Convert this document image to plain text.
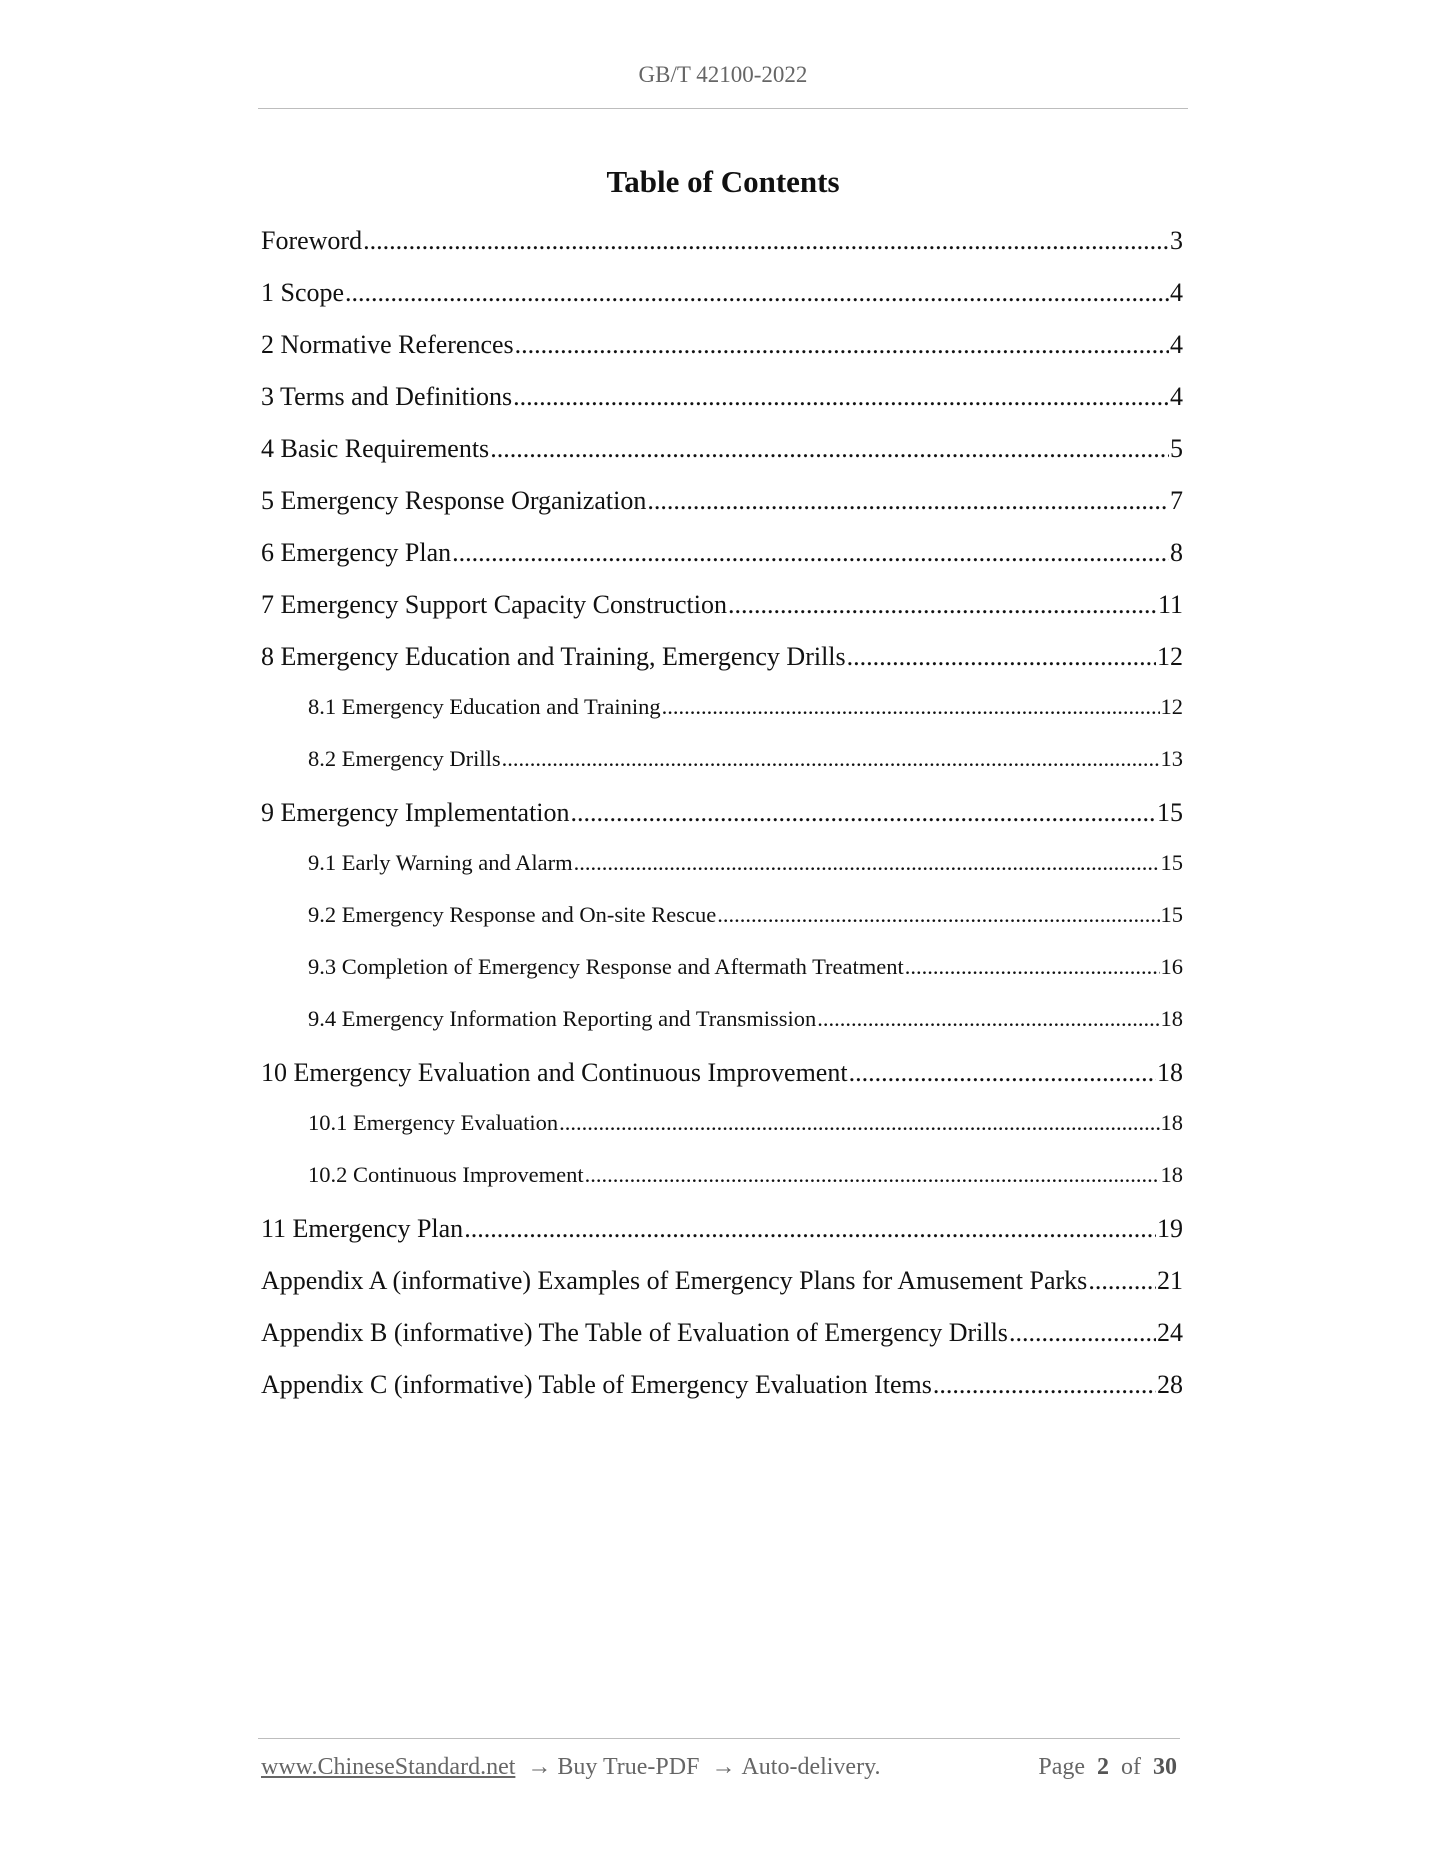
GB/T 42100-2022
Table of Contents
Foreword .....	3
1 Scope .....	4
2 Normative References .....	4
3 Terms and Definitions .....	4
4 Basic Requirements .....	5
5 Emergency Response Organization .....	7
6 Emergency Plan .....	8
7 Emergency Support Capacity Construction .....	11
8 Emergency Education and Training, Emergency Drills .....	12
8.1 Emergency Education and Training .....	12
8.2 Emergency Drills .....	13
9 Emergency Implementation .....	15
9.1 Early Warning and Alarm .....	15
9.2 Emergency Response and On-site Rescue .....	15
9.3 Completion of Emergency Response and Aftermath Treatment .....	16
9.4 Emergency Information Reporting and Transmission .....	18
10 Emergency Evaluation and Continuous Improvement .....	18
10.1 Emergency Evaluation .....	18
10.2 Continuous Improvement .....	18
11 Emergency Plan .....	19
Appendix A (informative) Examples of Emergency Plans for Amusement Parks .....	21
Appendix B (informative) The Table of Evaluation of Emergency Drills .....	24
Appendix C (informative) Table of Emergency Evaluation Items .....	28
www.ChineseStandard.net → Buy True-PDF → Auto-delivery.	Page 2 of 30
